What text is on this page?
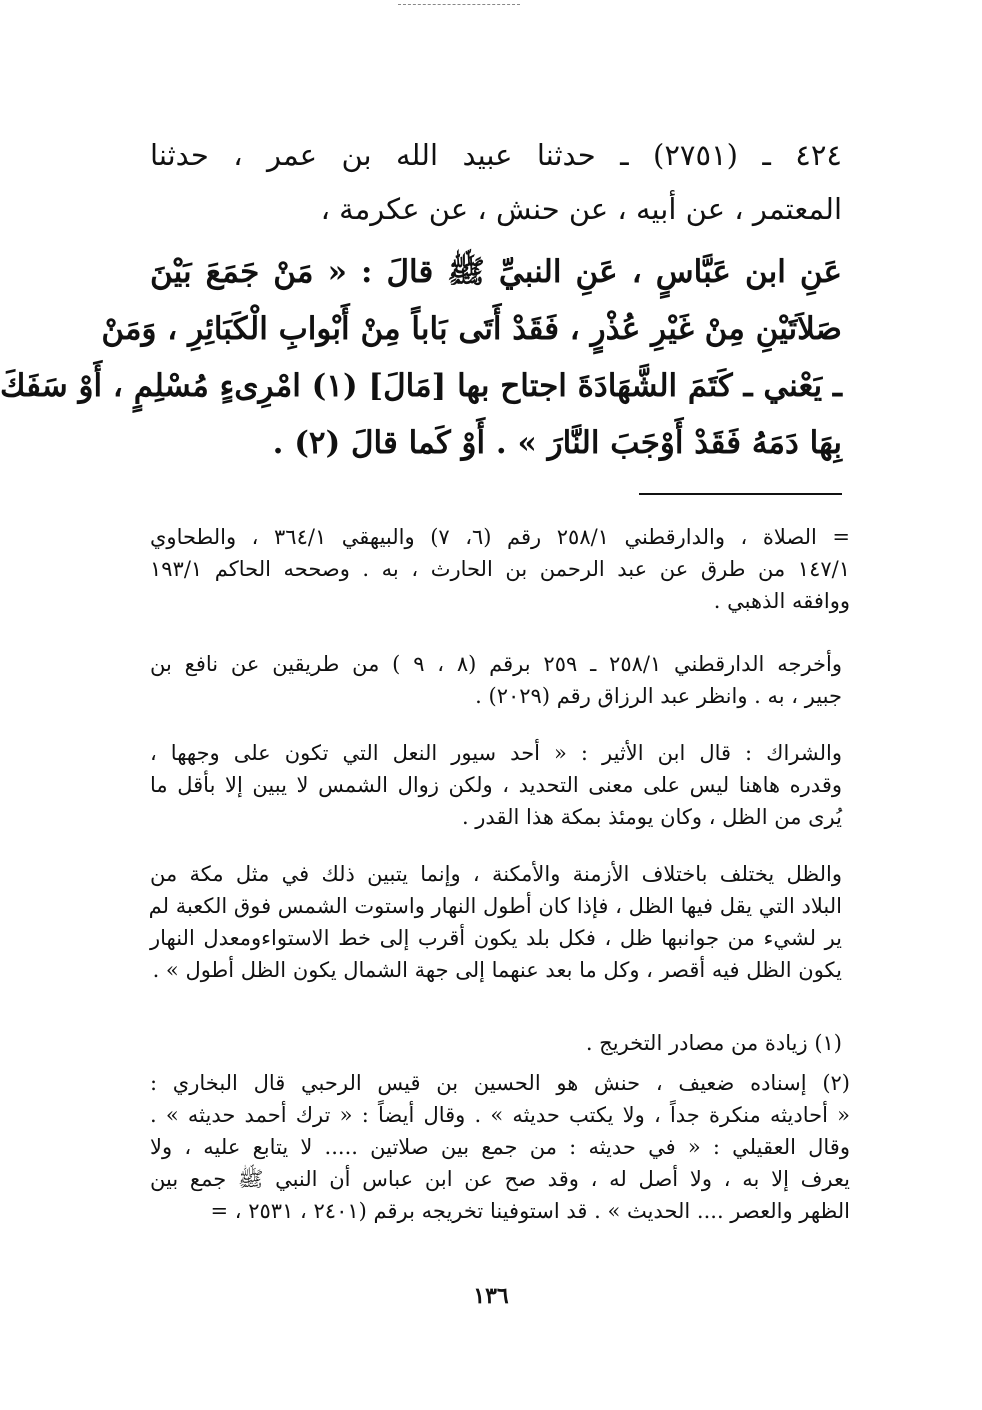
٤٢٤ ـ (٢٧٥١) ـ حدثنا عبيد الله بن عمر ، حدثنا
المعتمر ، عن أبيه ، عن حنش ، عن عكرمة ،
عَنِ ابن عَبَّاسٍ ، عَنِ النبيِّ ﷺ قالَ : « مَنْ جَمَعَ بَيْنَ
صَلاَتَيْنِ مِنْ غَيْرِ عُذْرٍ ، فَقَدْ أَتَى بَاباً مِنْ أَبْوابِ الْكَبَائِرِ ، وَمَنْ
ـ يَعْني ـ كَتَمَ الشَّهَادَةَ اجتاح بها [مَالَ] (١) امْرِىءٍ مُسْلِمٍ ، أَوْ سَفَكَ
بِهَا دَمَهُ فَقَدْ أَوْجَبَ النَّارَ » . أَوْ كَما قالَ (٢) .
= الصلاة ، والدارقطني ٢٥٨/١ رقم (٦، ٧) والبيهقي ٣٦٤/١ ، والطحاوي
١٤٧/١ من طرق عن عبد الرحمن بن الحارث ، به . وصححه الحاكم ١٩٣/١
ووافقه الذهبي .
وأخرجه الدارقطني ٢٥٨/١ ـ ٢٥٩ برقم (٨ ، ٩ ) من طريقين عن نافع بن
جبير ، به . وانظر عبد الرزاق رقم (٢٠٢٩) .
والشراك : قال ابن الأثير : « أحد سيور النعل التي تكون على وجهها ،
وقدره هاهنا ليس على معنى التحديد ، ولكن زوال الشمس لا يبين إلا بأقل ما
يُرى من الظل ، وكان يومئذ بمكة هذا القدر .
والظل يختلف باختلاف الأزمنة والأمكنة ، وإنما يتبين ذلك في مثل مكة من
البلاد التي يقل فيها الظل ، فإذا كان أطول النهار واستوت الشمس فوق الكعبة لم
ير لشيء من جوانبها ظل ، فكل بلد يكون أقرب إلى خط الاستواءومعدل النهار
يكون الظل فيه أقصر ، وكل ما بعد عنهما إلى جهة الشمال يكون الظل أطول » .
(١) زيادة من مصادر التخريج .
(٢) إسناده ضعيف ، حنش هو الحسين بن قيس الرحبي قال البخاري :
« أحاديثه منكرة جداً ، ولا يكتب حديثه » . وقال أيضاً : « ترك أحمد حديثه » .
وقال العقيلي : « في حديثه : من جمع بين صلاتين ..... لا يتابع عليه ، ولا
يعرف إلا به ، ولا أصل له ، وقد صح عن ابن عباس أن النبي ﷺ جمع بين
الظهر والعصر .... الحديث » . قد استوفينا تخريجه برقم (٢٤٠١ ، ٢٥٣١ ، =
١٣٦
